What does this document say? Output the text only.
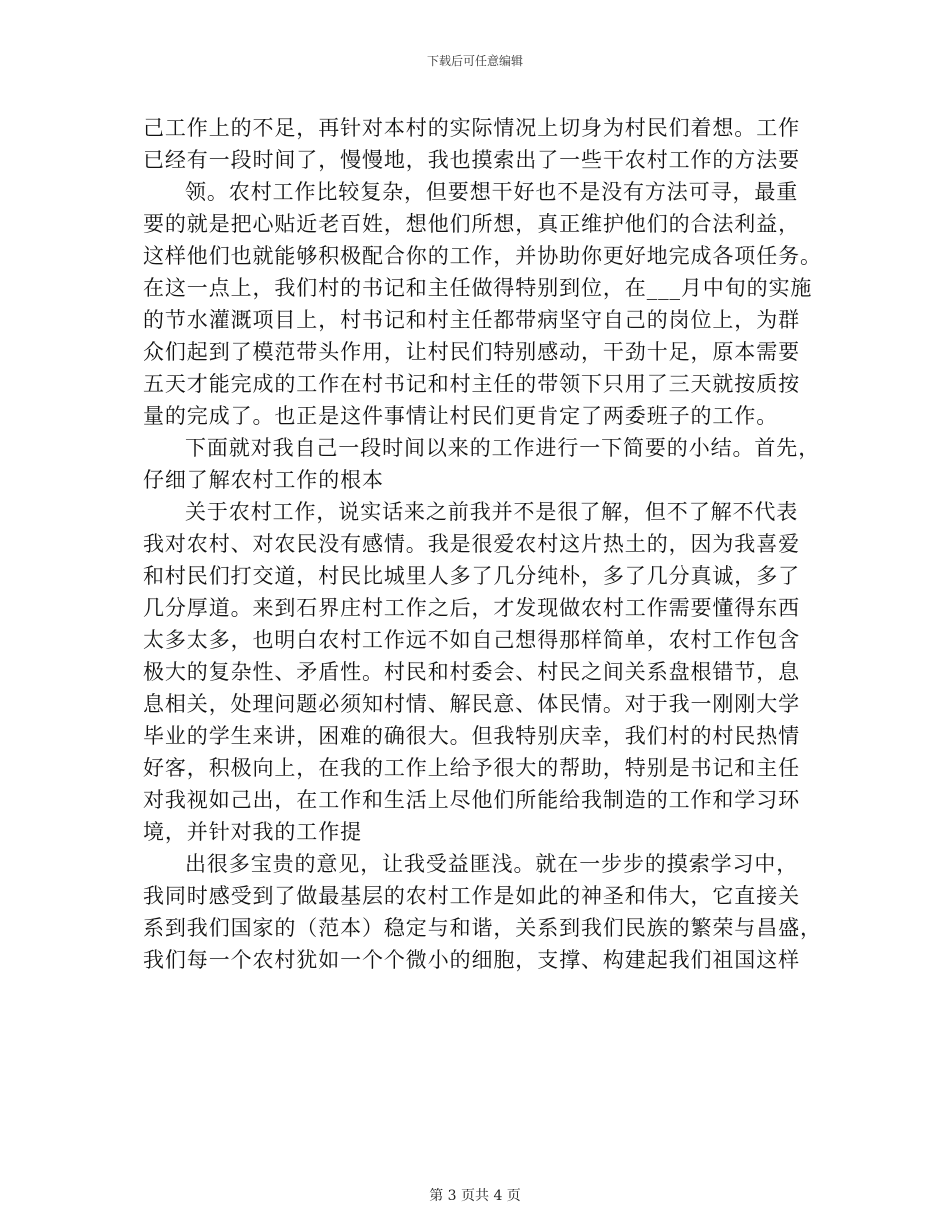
下载后可任意编辑
己工作上的不足，再针对本村的实际情况上切身为村民们着想。工作
已经有一段时间了，慢慢地，我也摸索出了一些干农村工作的方法要
领。农村工作比较复杂，但要想干好也不是没有方法可寻，最重
要的就是把心贴近老百姓，想他们所想，真正维护他们的合法利益，
这样他们也就能够积极配合你的工作，并协助你更好地完成各项任务。
在这一点上，我们村的书记和主任做得特别到位，在___月中旬的实施
的节水灌溉项目上，村书记和村主任都带病坚守自己的岗位上，为群
众们起到了模范带头作用，让村民们特别感动，干劲十足，原本需要
五天才能完成的工作在村书记和村主任的带领下只用了三天就按质按
量的完成了。也正是这件事情让村民们更肯定了两委班子的工作。
下面就对我自己一段时间以来的工作进行一下简要的小结。首先，
仔细了解农村工作的根本
关于农村工作，说实话来之前我并不是很了解，但不了解不代表
我对农村、对农民没有感情。我是很爱农村这片热土的，因为我喜爱
和村民们打交道，村民比城里人多了几分纯朴，多了几分真诚，多了
几分厚道。来到石界庄村工作之后，才发现做农村工作需要懂得东西
太多太多，也明白农村工作远不如自己想得那样简单，农村工作包含
极大的复杂性、矛盾性。村民和村委会、村民之间关系盘根错节，息
息相关，处理问题必须知村情、解民意、体民情。对于我一刚刚大学
毕业的学生来讲，困难的确很大。但我特别庆幸，我们村的村民热情
好客，积极向上，在我的工作上给予很大的帮助，特别是书记和主任
对我视如己出，在工作和生活上尽他们所能给我制造的工作和学习环
境，并针对我的工作提
出很多宝贵的意见，让我受益匪浅。就在一步步的摸索学习中，
我同时感受到了做最基层的农村工作是如此的神圣和伟大，它直接关
系到我们国家的（范本）稳定与和谐，关系到我们民族的繁荣与昌盛，
我们每一个农村犹如一个个微小的细胞，支撑、构建起我们祖国这样
第 3 页共 4 页
